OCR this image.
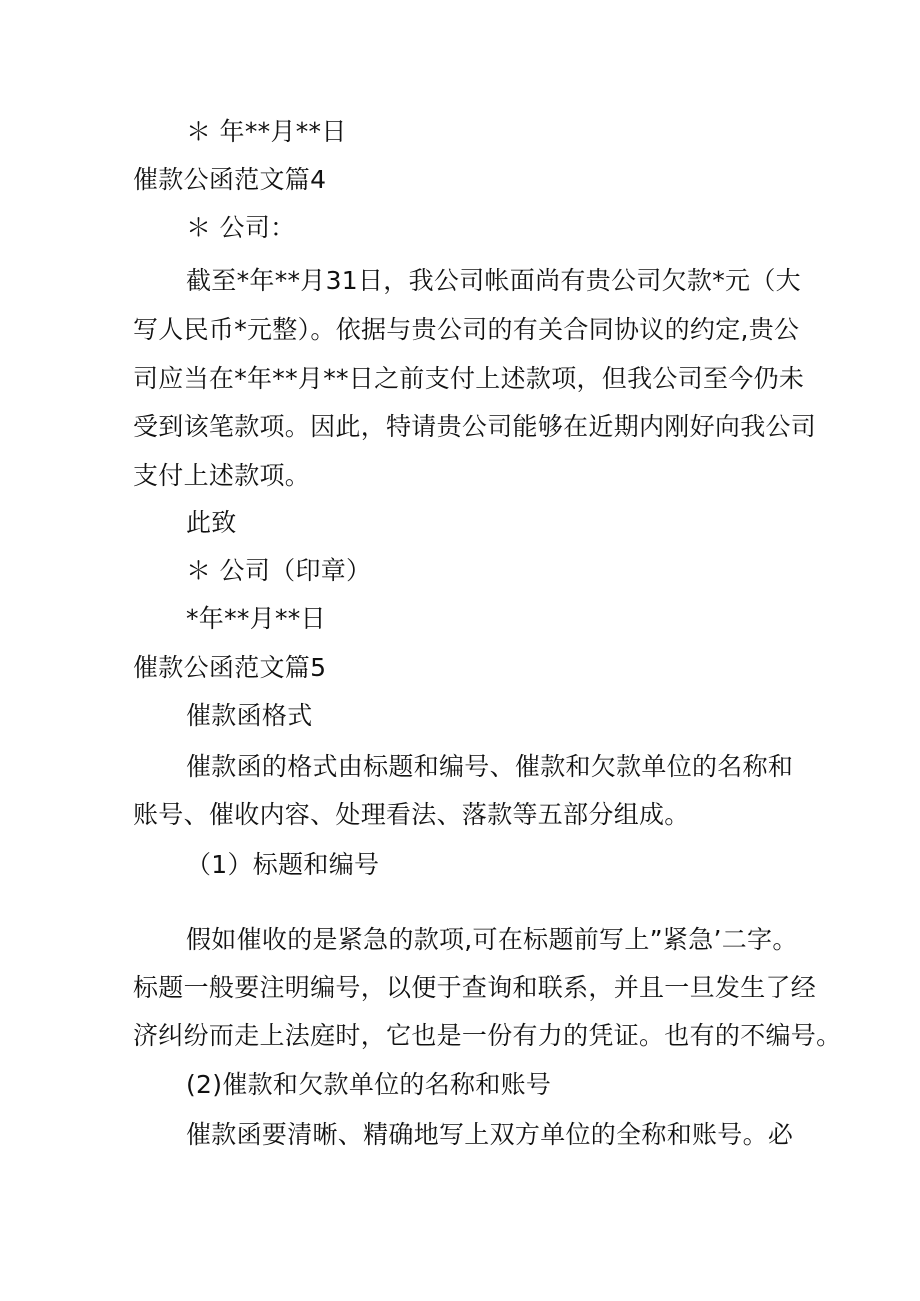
＊ 年**月**日

催款公函范文篇4

＊ 公司：

截至*年**月31日，我公司帐面尚有贵公司欠款*元（大

写人民币*元整）。依据与贵公司的有关合同协议的约定,贵公

司应当在*年**月**日之前支付上述款项，但我公司至今仍未

受到该笔款项。因此，特请贵公司能够在近期内刚好向我公司

支付上述款项。

此致

＊ 公司（印章）

*年**月**日

催款公函范文篇5

催款函格式

催款函的格式由标题和编号、催款和欠款单位的名称和

账号、催收内容、处理看法、落款等五部分组成。

（1）标题和编号

假如催收的是紧急的款项,可在标题前写上”紧急’二字。

标题一般要注明编号，以便于查询和联系，并且一旦发生了经

济纠纷而走上法庭时，它也是一份有力的凭证。也有的不编号。

(2)催款和欠款单位的名称和账号

催款函要清晰、精确地写上双方单位的全称和账号。必
